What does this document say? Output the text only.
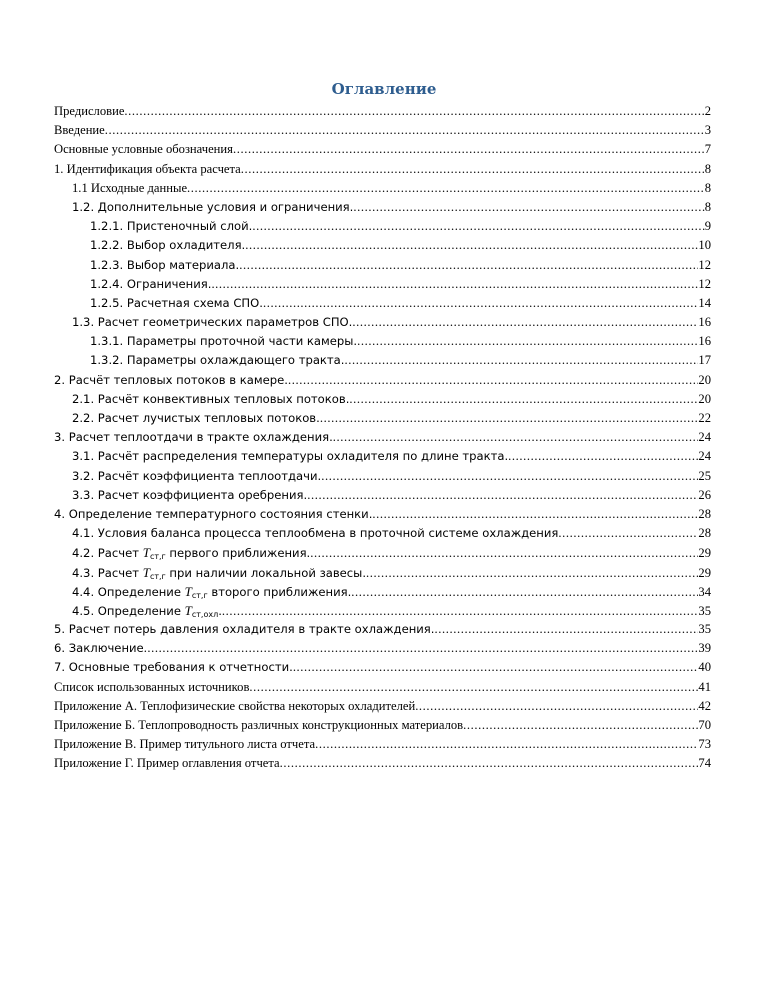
Оглавление
Предисловие .....	2
Введение .....	3
Основные условные обозначения .....	7
1. Идентификация объекта расчета .....	8
1.1 Исходные данные .....	8
1.2. Дополнительные условия и ограничения. .....	8
1.2.1. Пристеночный слой. .....	9
1.2.2. Выбор охладителя. .....	10
1.2.3. Выбор материала. .....	12
1.2.4. Ограничения. .....	12
1.2.5. Расчетная схема СПО. .....	14
1.3. Расчет геометрических параметров СПО. .....	16
1.3.1. Параметры проточной части камеры. .....	16
1.3.2. Параметры охлаждающего тракта. .....	17
2. Расчёт тепловых потоков в камере. .....	20
2.1. Расчёт конвективных тепловых потоков. .....	20
2.2. Расчет лучистых тепловых потоков. .....	22
3. Расчет теплоотдачи в тракте охлаждения. .....	24
3.1. Расчёт распределения температуры охладителя по длине тракта. .....	24
3.2. Расчёт коэффициента теплоотдачи. .....	25
3.3. Расчет коэффициента оребрения. .....	26
4. Определение температурного состояния стенки. .....	28
4.1. Условия баланса процесса теплообмена в проточной системе охлаждения .....	28
4.2. Расчет $T_{ст,г}$ первого приближения. .....	29
4.3. Расчет $T_{ст,г}$ при наличии локальной завесы. .....	29
4.4. Определение $T_{ст,г}$ второго приближения. .....	34
4.5. Определение $T_{ст,охл}$. .....	35
5. Расчет потерь давления охладителя в тракте охлаждения. .....	35
6. Заключение .....	39
7. Основные требования к отчетности. .....	40
Список использованных источников .....	41
Приложение А. Теплофизические свойства некоторых охладителей .....	42
Приложение Б. Теплопроводность различных конструкционных материалов .....	70
Приложение В. Пример титульного листа отчета .....	73
Приложение Г. Пример оглавления отчета .....	74
